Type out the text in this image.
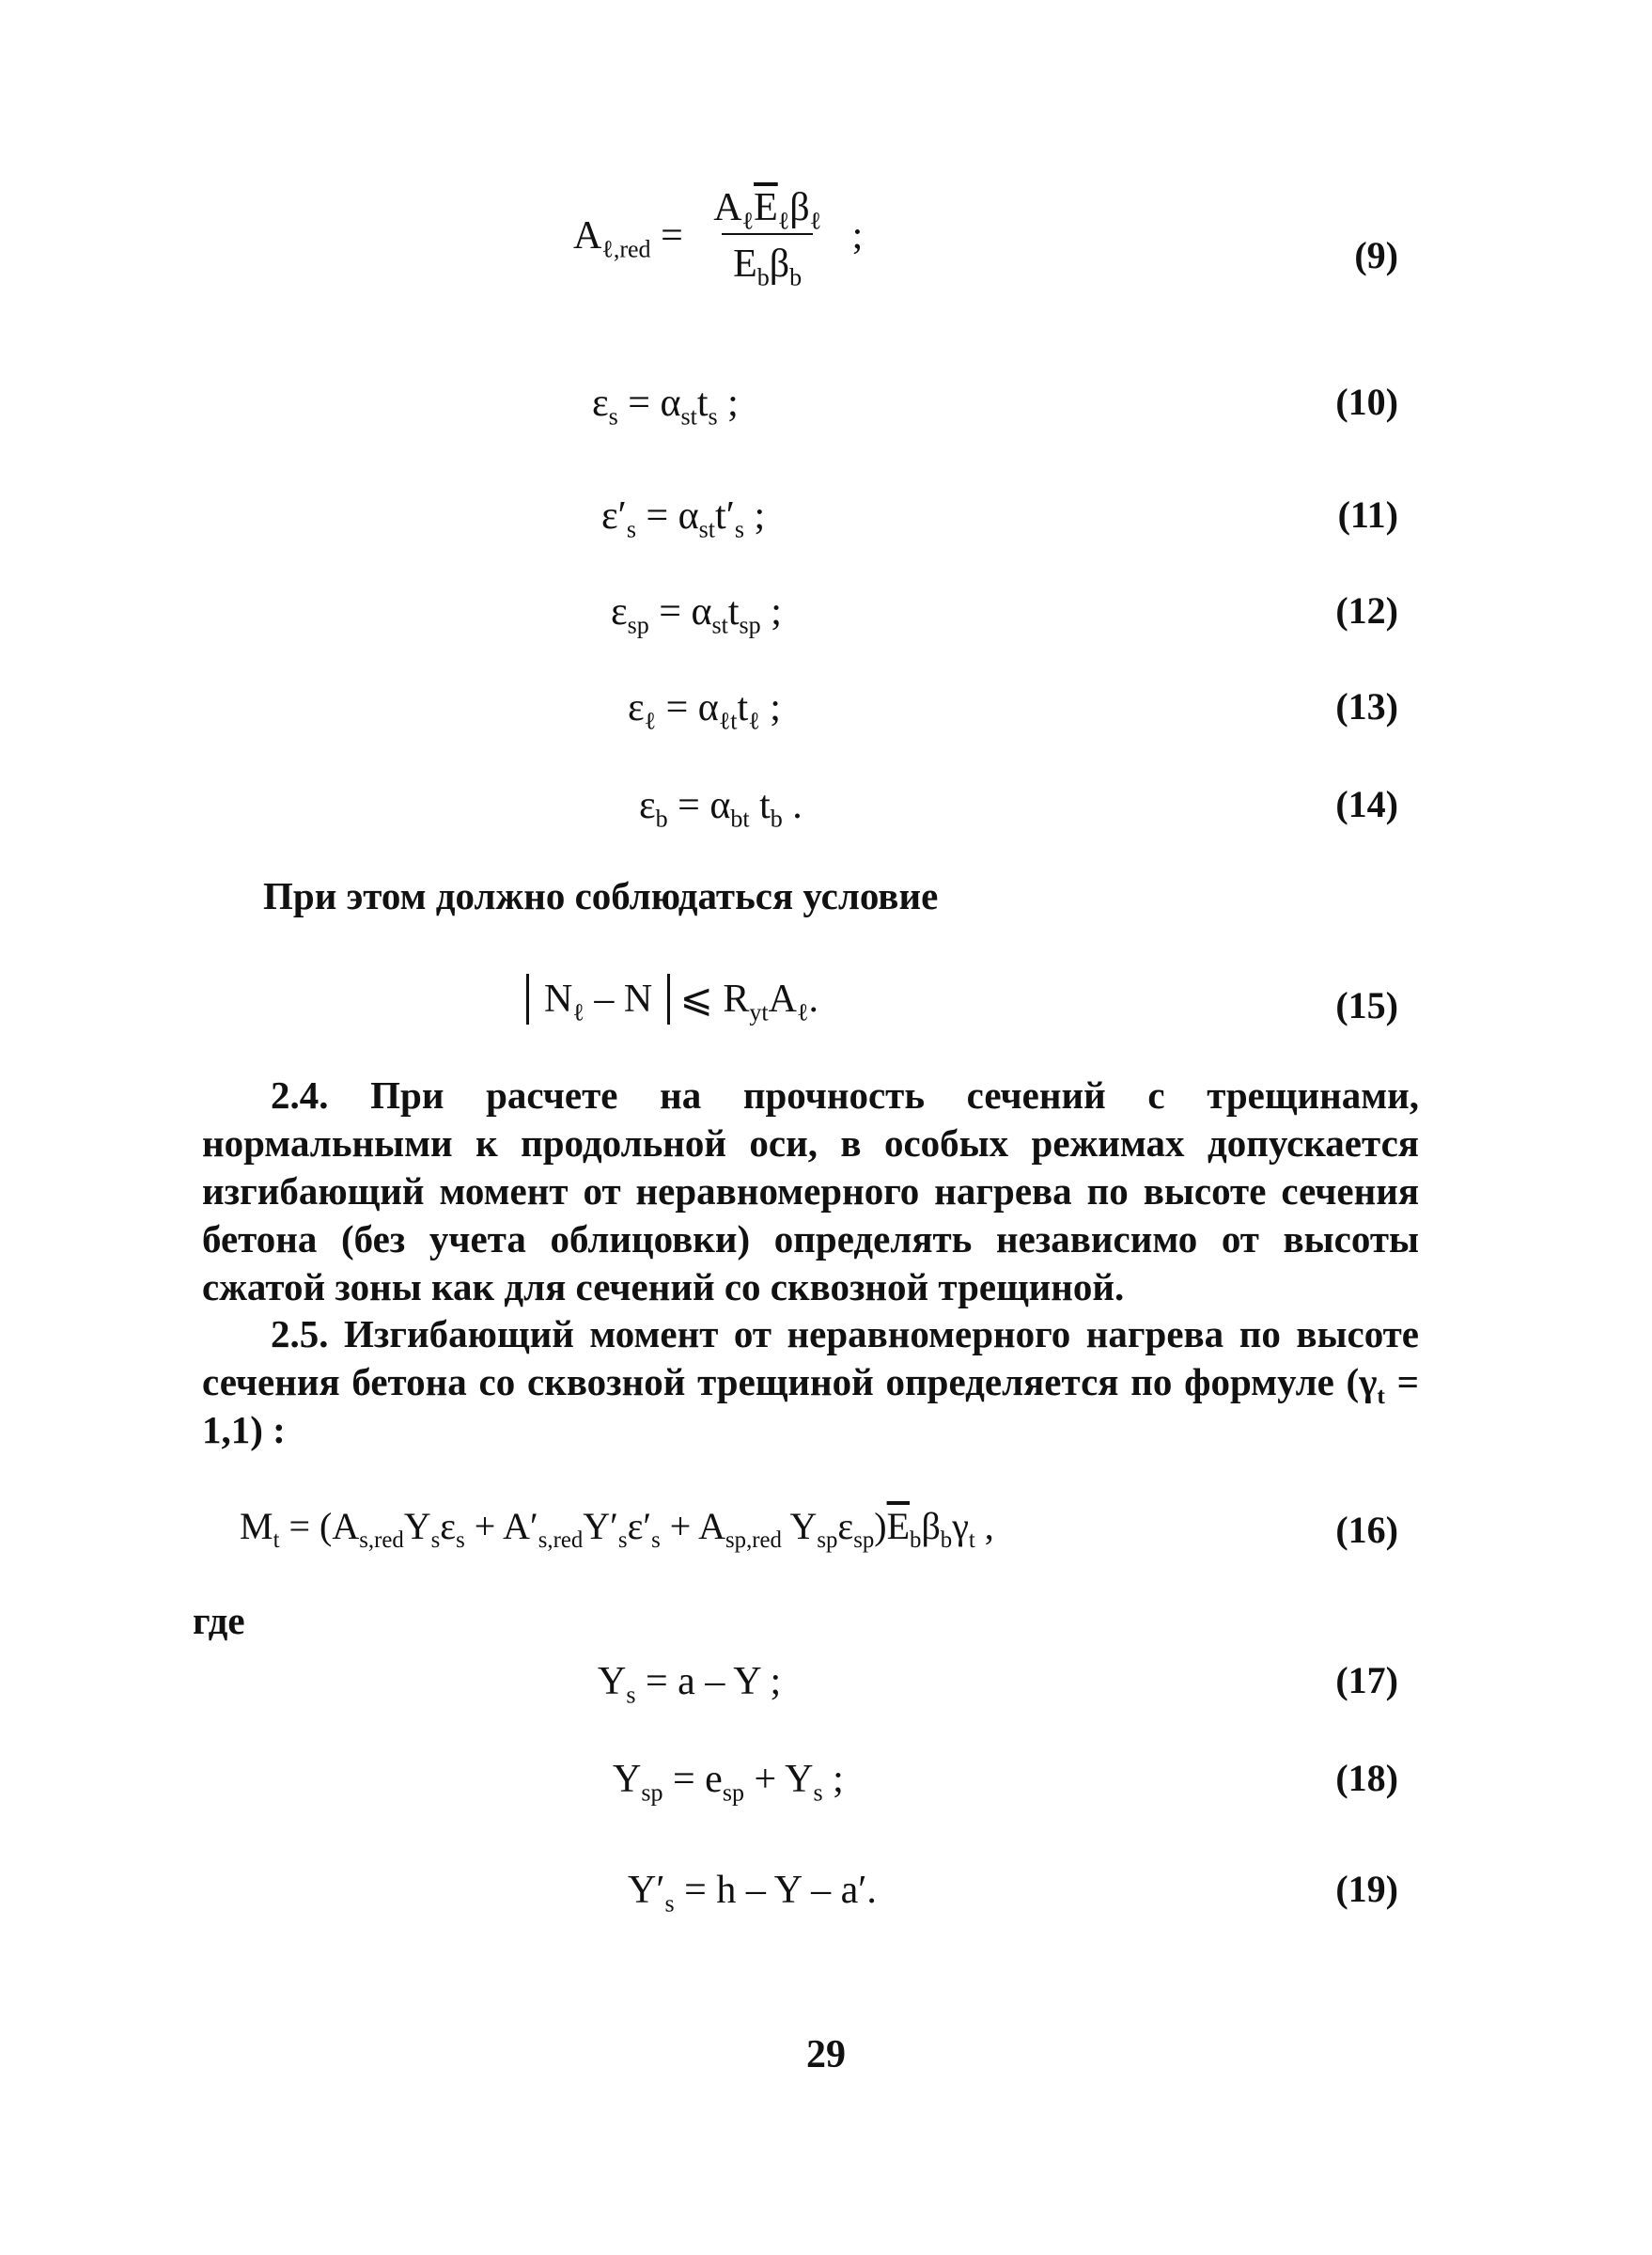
$A_{\ell,red} = \frac{A_\ell\overline{E}_\ell\beta_\ell}{E_b\beta_b}$ ;	(9)
$\varepsilon_s = \alpha_{st}t_s$ ;	(10)
$\varepsilon'_s = \alpha_{st}t'_s$ ;	(11)
$\varepsilon_{sp} = \alpha_{st}t_{sp}$ ;	(12)
$\varepsilon_\ell = \alpha_{\ell t}t_\ell$ ;	(13)
$\varepsilon_b = \alpha_{bt}$ $t_b$ .	(14)
При этом должно соблюдаться условие
$N_\ell$ – N ⩽ $R_{yt}A_\ell$.	(15)
2.4. При расчете на прочность сечений с трещинами, нормальными к продольной оси, в особых режимах допускается изгибающий момент от неравномерного нагрева по высоте сечения бетона (без учета облицовки) определять независимо от высоты сжатой зоны как для сечений со сквозной трещиной.
2.5. Изгибающий момент от неравномерного нагрева по высоте сечения бетона со сквозной трещиной определяется по формуле $(\gamma_t = 1,1)$ :
$M_t = (A_{s,red}Y_s\varepsilon_s + A'_{s,red}Y'_s\varepsilon'_s + A_{sp,red}$ $Y_{sp}\varepsilon_{sp})\overline{E}_b\beta_b\gamma_t$ ,	(16)
где
$Y_s = a - Y$ ;	(17)
$Y_{sp} = e_{sp} + Y_s$ ;	(18)
$Y'_s = h - Y - a'$.	(19)
29
